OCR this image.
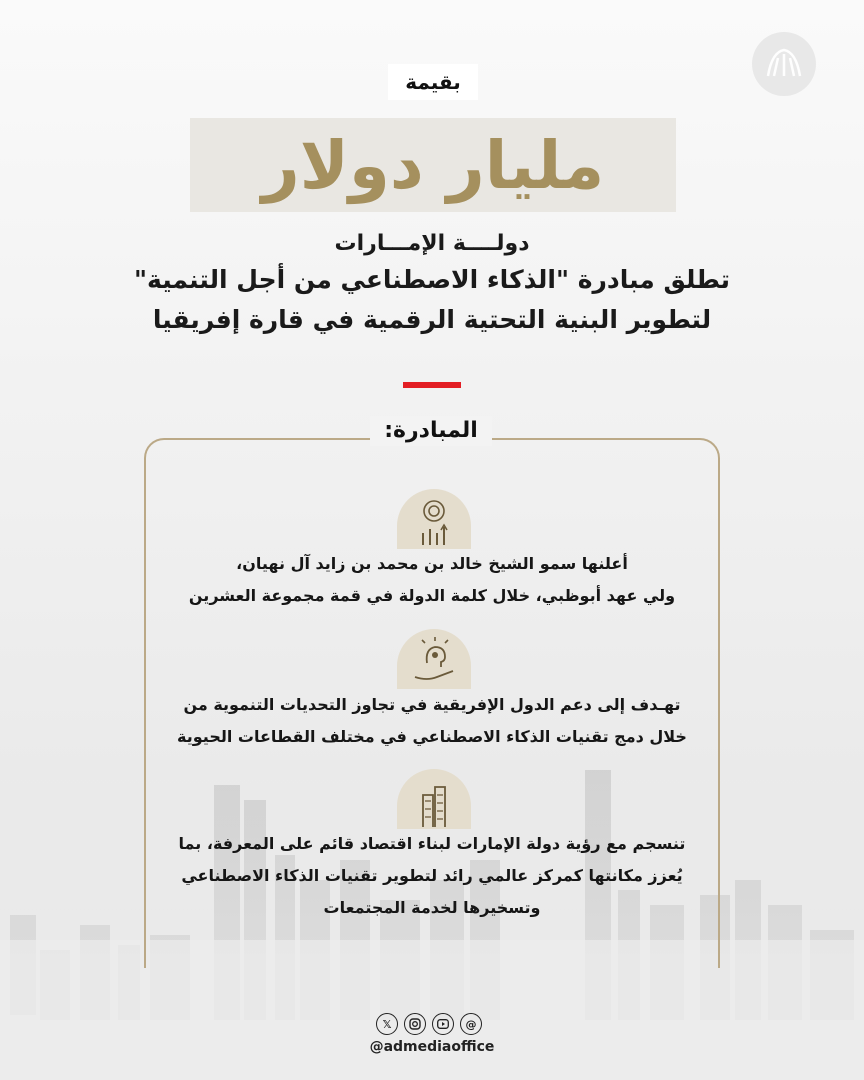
بقيمة
مليار دولار
دولــــة الإمـــارات
تطلق مبادرة "الذكاء الاصطناعي من أجل التنمية"
لتطوير البنية التحتية الرقمية في قارة إفريقيا
المبادرة:
أعلنها سمو الشيخ خالد بن محمد بن زايد آل نهيان،
ولي عهد أبوظبي، خلال كلمة الدولة في قمة مجموعة العشرين
تهـدف إلى دعم الدول الإفريقية في تجاوز التحديات التنموية من
خلال دمج تقنيات الذكاء الاصطناعي في مختلف القطاعات الحيوية
تنسجم مع رؤية دولة الإمارات لبناء اقتصاد قائم على المعرفة، بما
يُعزز مكانتها كمركز عالمي رائد لتطوير تقنيات الذكاء الاصطناعي
وتسخيرها لخدمة المجتمعات
𝕏	@
@admediaoffice
